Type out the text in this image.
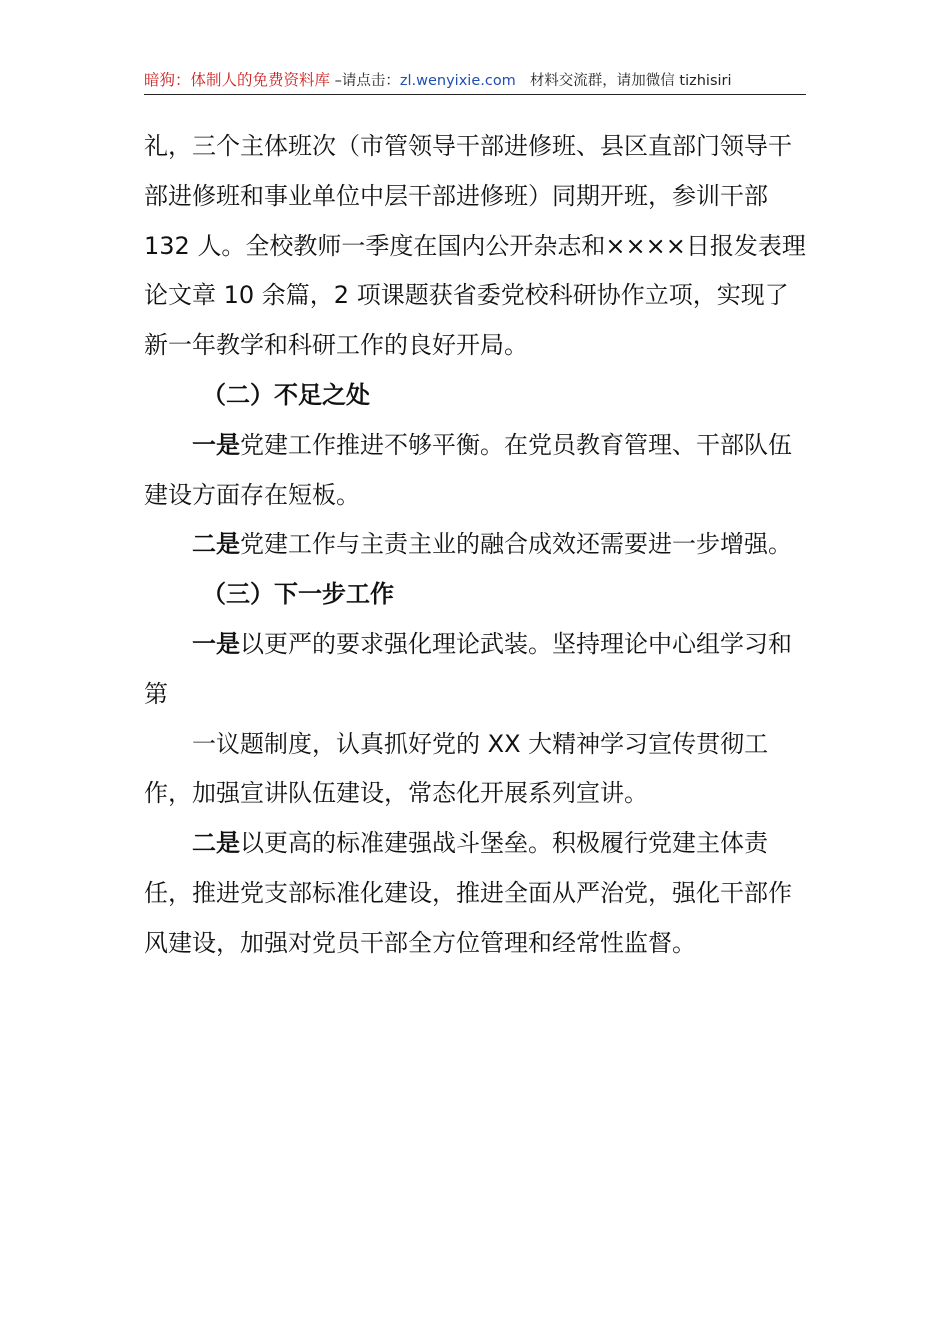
暗狗：体制人的免费资料库 –请点击：zl.wenyixie.com 材料交流群，请加微信 tizhisiri

礼，三个主体班次（市管领导干部进修班、县区直部门领导干部进修班和事业单位中层干部进修班）同期开班，参训干部 132 人。全校教师一季度在国内公开杂志和××××日报发表理论文章 10 余篇，2 项课题获省委党校科研协作立项，实现了新一年教学和科研工作的良好开局。

（二）不足之处

一是党建工作推进不够平衡。在党员教育管理、干部队伍建设方面存在短板。

二是党建工作与主责主业的融合成效还需要进一步增强。

（三）下一步工作

一是以更严的要求强化理论武装。坚持理论中心组学习和

第

一议题制度，认真抓好党的 XX 大精神学习宣传贯彻工作，加强宣讲队伍建设，常态化开展系列宣讲。

二是以更高的标准建强战斗堡垒。积极履行党建主体责任，推进党支部标准化建设，推进全面从严治党，强化干部作风建设，加强对党员干部全方位管理和经常性监督。
